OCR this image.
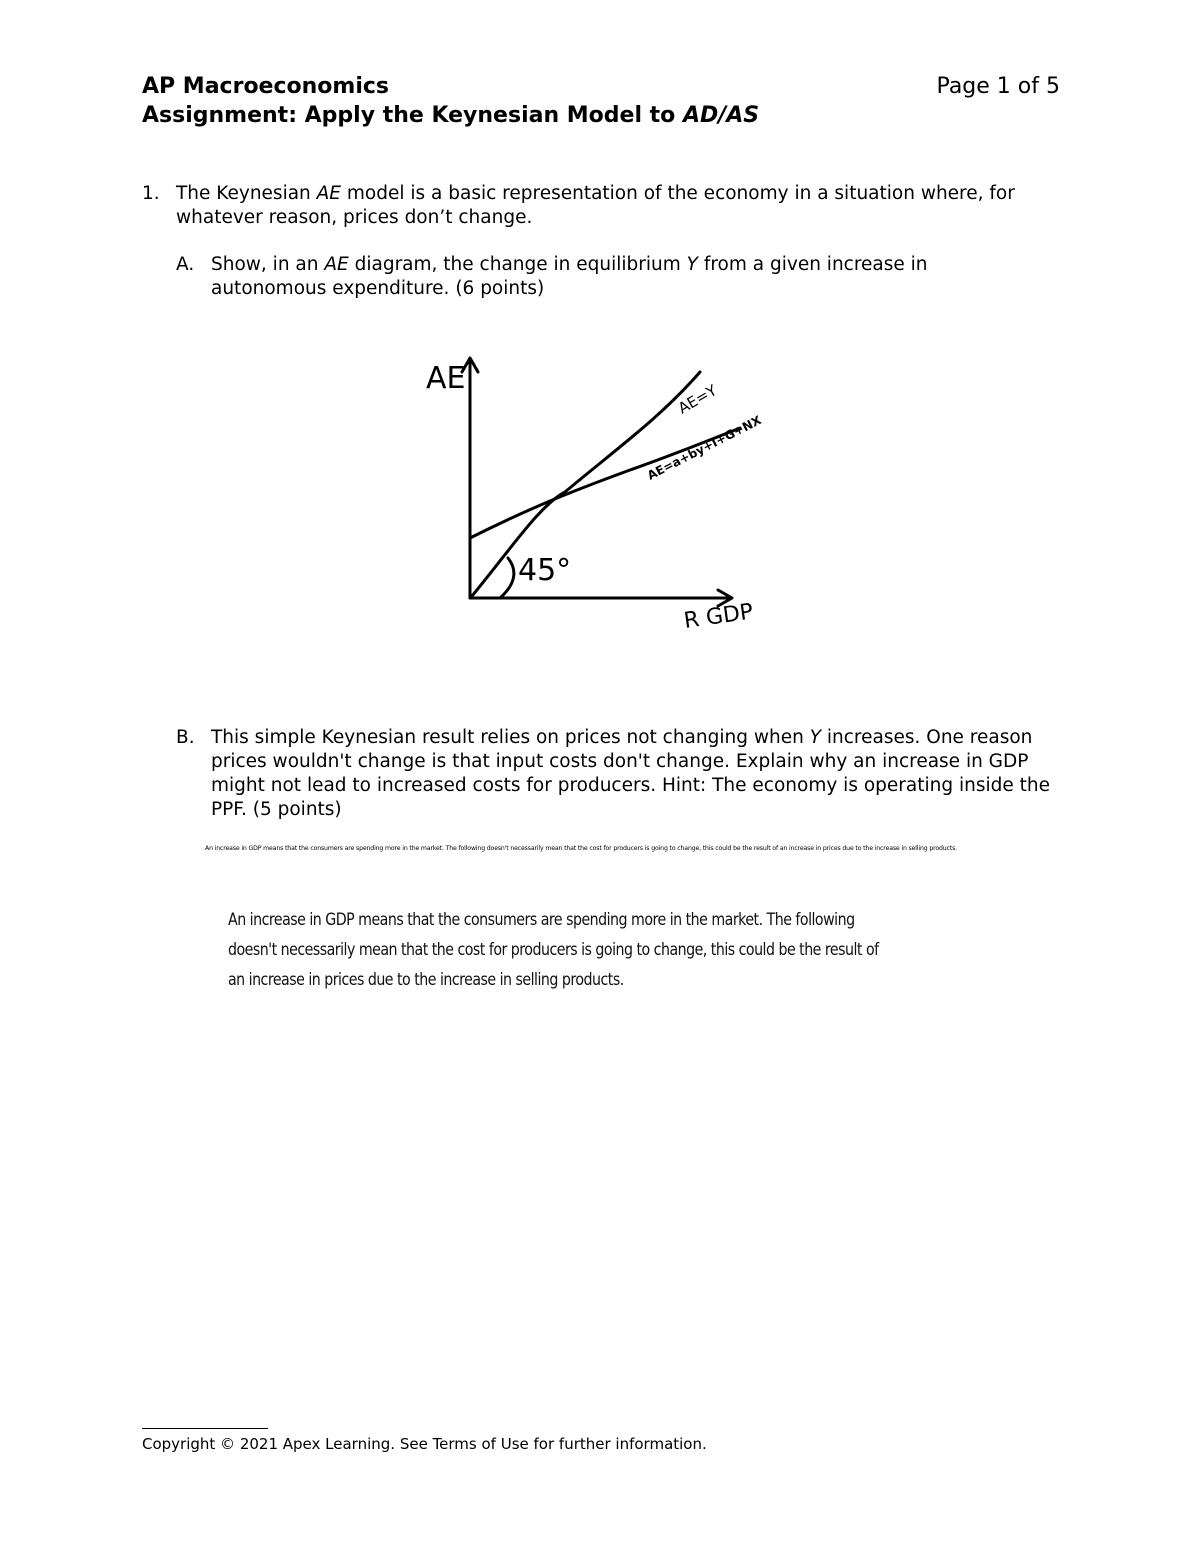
AP Macroeconomics	Page 1 of 5
Assignment: Apply the Keynesian Model to AD/AS
1. The Keynesian AE model is a basic representation of the economy in a situation where, for whatever reason, prices don’t change.
A. Show, in an AE diagram, the change in equilibrium Y from a given increase in autonomous expenditure. (6 points)
AE
R GDP
AE=Y
AE=a+by+I+G+NX
45°
B. This simple Keynesian result relies on prices not changing when Y increases. One reason prices wouldn't change is that input costs don't change. Explain why an increase in GDP might not lead to increased costs for producers. Hint: The economy is operating inside the PPF. (5 points)
An increase in GDP means that the consumers are spending more in the market. The following doesn't necessarily mean that the cost for producers is going to change, this could be the result of an increase in prices due to the increase in selling products.
An increase in GDP means that the consumers are spending more in the market. The following doesn't necessarily mean that the cost for producers is going to change, this could be the result of an increase in prices due to the increase in selling products.
Copyright © 2021 Apex Learning. See Terms of Use for further information.
